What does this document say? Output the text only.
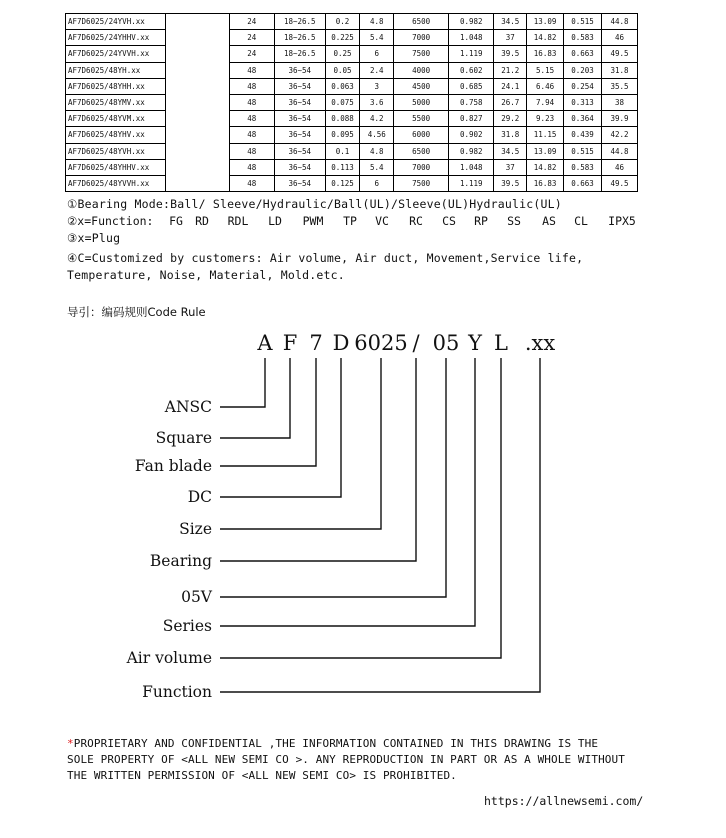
AF7D6025/24YVH.xx		24	18~26.5	0.2	4.8	6500	0.982	34.5	13.09	0.515	44.8
AF7D6025/24YHHV.xx		24	18~26.5	0.225	5.4	7000	1.048	37	14.82	0.583	46
AF7D6025/24YVVH.xx		24	18~26.5	0.25	6	7500	1.119	39.5	16.83	0.663	49.5
AF7D6025/48YH.xx		48	36~54	0.05	2.4	4000	0.602	21.2	5.15	0.203	31.8
AF7D6025/48YHH.xx		48	36~54	0.063	3	4500	0.685	24.1	6.46	0.254	35.5
AF7D6025/48YMV.xx		48	36~54	0.075	3.6	5000	0.758	26.7	7.94	0.313	38
AF7D6025/48YVM.xx		48	36~54	0.088	4.2	5500	0.827	29.2	9.23	0.364	39.9
AF7D6025/48YHV.xx		48	36~54	0.095	4.56	6000	0.902	31.8	11.15	0.439	42.2
AF7D6025/48YVH.xx		48	36~54	0.1	4.8	6500	0.982	34.5	13.09	0.515	44.8
AF7D6025/48YHHV.xx		48	36~54	0.113	5.4	7000	1.048	37	14.82	0.583	46
AF7D6025/48YVVH.xx		48	36~54	0.125	6	7500	1.119	39.5	16.83	0.663	49.5
①Bearing Mode:Ball/ Sleeve/Hydraulic/Ball(UL)/Sleeve(UL)Hydraulic(UL)
②x=Function: FG RD RDL LD PWM TP VC RC CS RP SS AS CL IPX5
③x=Plug
④C=Customized by customers: Air volume, Air duct, Movement,Service life,
Temperature, Noise, Material, Mold.etc.
导引：编码规则Code Rule
A
ANSC
F
Square
7
Fan blade
D
DC
6025
Size
/
Bearing
05
05V
Y
Series
L
Air volume
.xx
Function
*PROPRIETARY AND CONFIDENTIAL ,THE INFORMATION CONTAINED IN THIS DRAWING IS THE
SOLE PROPERTY OF <ALL NEW SEMI CO >. ANY REPRODUCTION IN PART OR AS A WHOLE WITHOUT
THE WRITTEN PERMISSION OF <ALL NEW SEMI CO> IS PROHIBITED.
https://allnewsemi.com/
